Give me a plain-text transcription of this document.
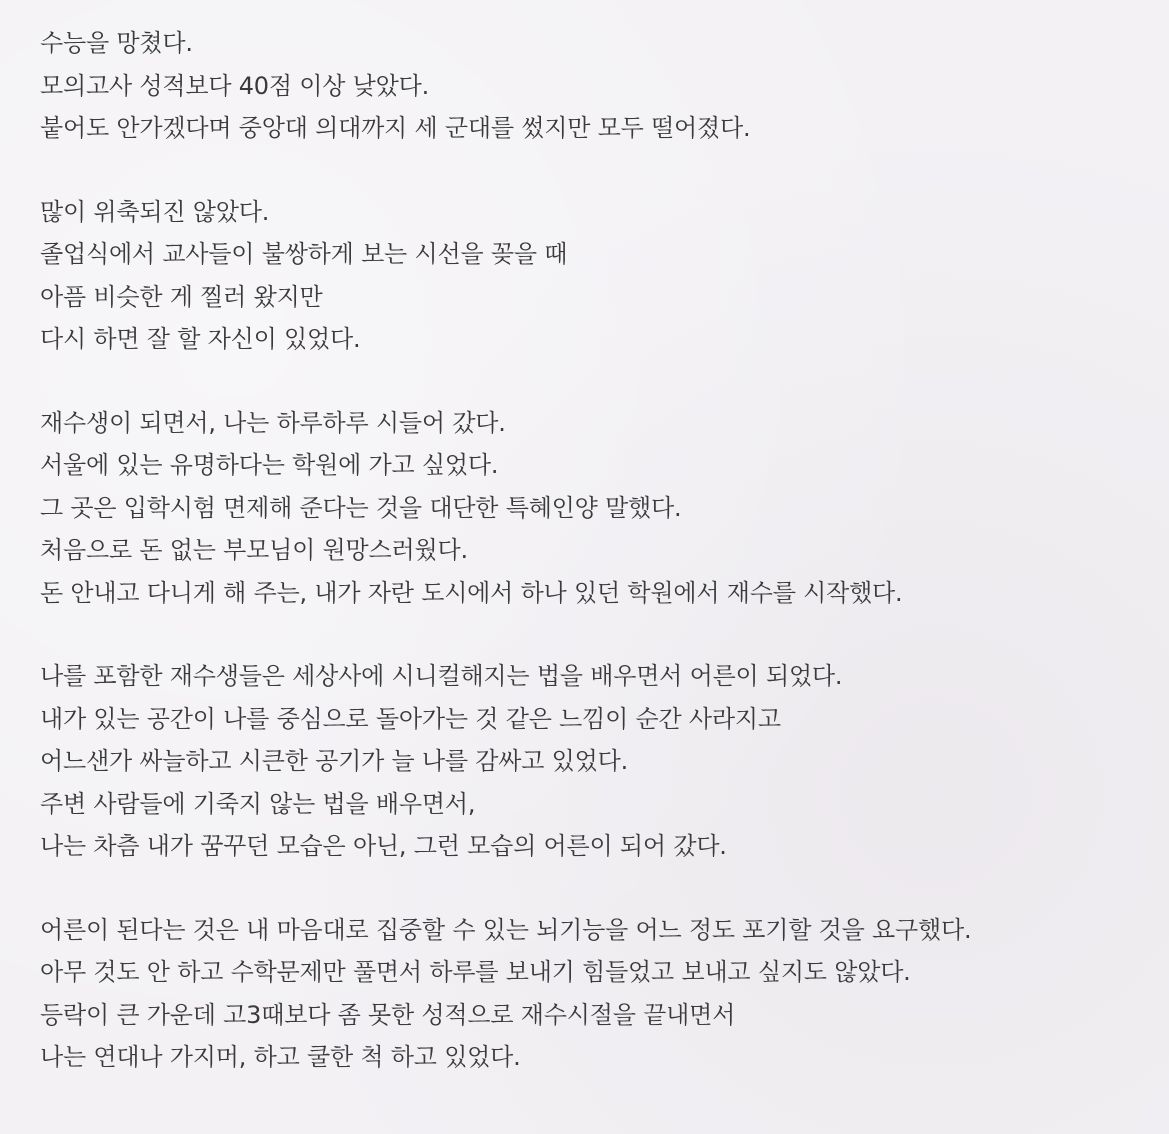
수능을 망쳤다.
모의고사 성적보다 40점 이상 낮았다.
붙어도 안가겠다며 중앙대 의대까지 세 군대를 썼지만 모두 떨어졌다.
많이 위축되진 않았다.
졸업식에서 교사들이 불쌍하게 보는 시선을 꽂을 때
아픔 비슷한 게 찔러 왔지만
다시 하면 잘 할 자신이 있었다.
재수생이 되면서, 나는 하루하루 시들어 갔다.
서울에 있는 유명하다는 학원에 가고 싶었다.
그 곳은 입학시험 면제해 준다는 것을 대단한 특혜인양 말했다.
처음으로 돈 없는 부모님이 원망스러웠다.
돈 안내고 다니게 해 주는, 내가 자란 도시에서 하나 있던 학원에서 재수를 시작했다.
나를 포함한 재수생들은 세상사에 시니컬해지는 법을 배우면서 어른이 되었다.
내가 있는 공간이 나를 중심으로 돌아가는 것 같은 느낌이 순간 사라지고
어느샌가 싸늘하고 시큰한 공기가 늘 나를 감싸고 있었다.
주변 사람들에 기죽지 않는 법을 배우면서,
나는 차츰 내가 꿈꾸던 모습은 아닌, 그런 모습의 어른이 되어 갔다.
어른이 된다는 것은 내 마음대로 집중할 수 있는 뇌기능을 어느 정도 포기할 것을 요구했다.
아무 것도 안 하고 수학문제만 풀면서 하루를 보내기 힘들었고 보내고 싶지도 않았다.
등락이 큰 가운데 고3때보다 좀 못한 성적으로 재수시절을 끝내면서
나는 연대나 가지머, 하고 쿨한 척 하고 있었다.
